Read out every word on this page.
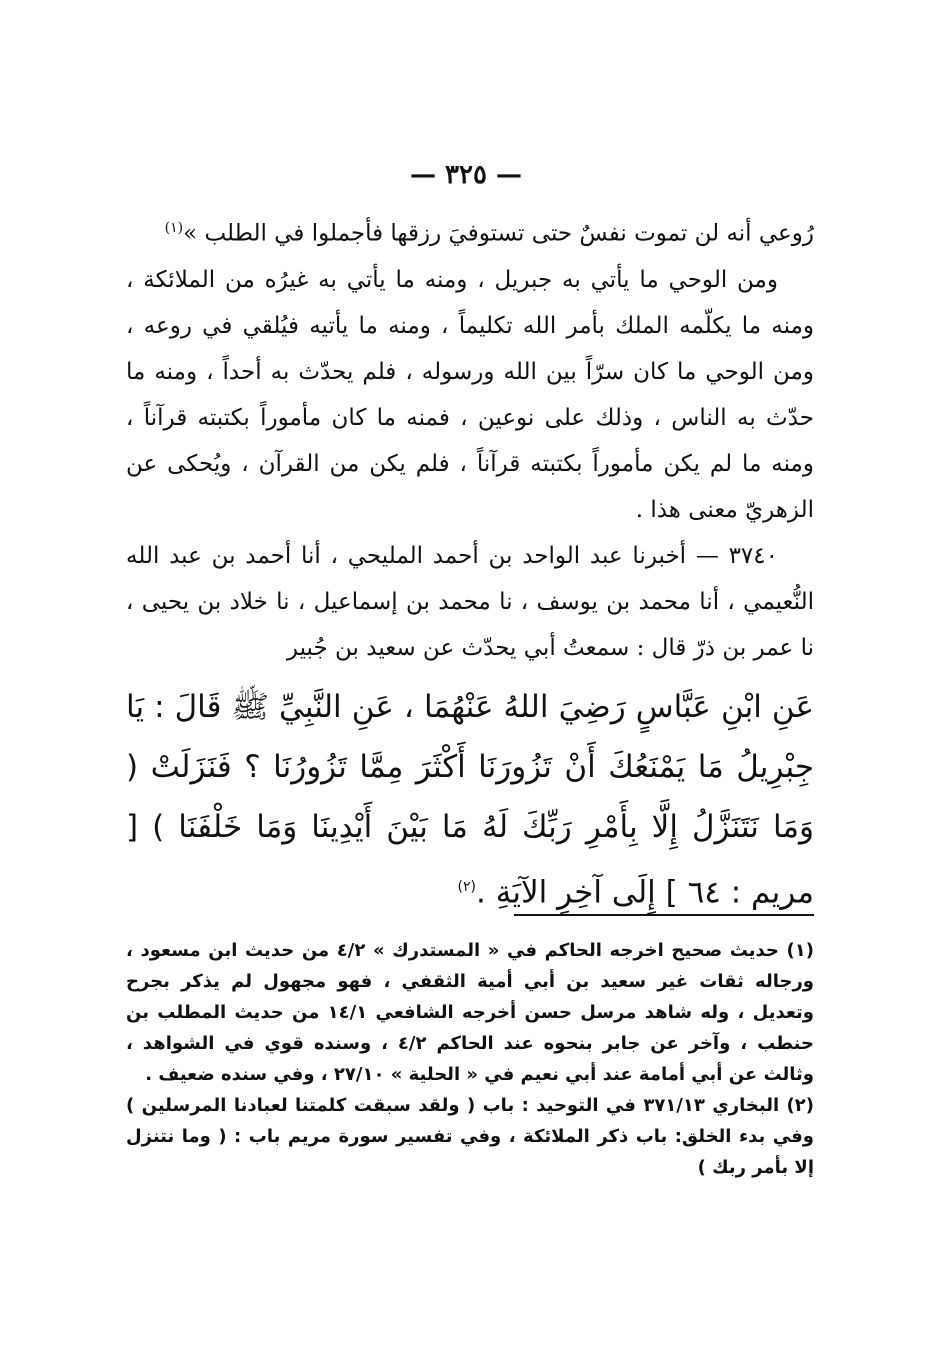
— ٣٢٥ —

رُوعي أنه لن تموت نفسٌ حتى تستوفيَ رزقها فأجملوا في الطلب »$^{(١)}$

ومن الوحي ما يأتي به جبريل ، ومنه ما يأتي به غيرُه من الملائكة ، ومنه ما يكلّمه الملك بأمر الله تكليماً ، ومنه ما يأتيه فيُلقي في روعه ، ومن الوحي ما كان سرّاً بين الله ورسوله ، فلم يحدّث به أحداً ، ومنه ما حدّث به الناس ، وذلك على نوعين ، فمنه ما كان مأموراً بكتبته قرآناً ، ومنه ما لم يكن مأموراً بكتبته قرآناً ، فلم يكن من القرآن ، ويُحكى عن الزهريّ معنى هذا .

٣٧٤٠ — أخبرنا عبد الواحد بن أحمد المليحي ، أنا أحمد بن عبد الله النُّعيمي ، أنا محمد بن يوسف ، نا محمد بن إسماعيل ، نا خلاد بن يحيى ، نا عمر بن ذرّ قال : سمعتُ أبي يحدّث عن سعيد بن جُبير

عَنِ ابْنِ عَبَّاسٍ رَضِيَ اللهُ عَنْهُمَا ، عَنِ النَّبِيِّ ﷺ قَالَ : يَا جِبْرِيلُ مَا يَمْنَعُكَ أَنْ تَزُورَنَا أَكْثَرَ مِمَّا تَزُورُنَا ؟ فَنَزَلَتْ ( وَمَا نَتَنَزَّلُ إِلَّا بِأَمْرِ رَبِّكَ لَهُ مَا بَيْنَ أَيْدِينَا وَمَا خَلْفَنَا ) [ مريم : ٦٤ ] إِلَى آخِرِ الآيَةِ .$^{(٢)}$

(١) حديث صحيح اخرجه الحاكم في « المستدرك » ٤/٢ من حديث ابن مسعود ، ورجاله ثقات غير سعيد بن أبي أمية الثقفي ، فهو مجهول لم يذكر بجرح وتعديل ، وله شاهد مرسل حسن أخرجه الشافعي ١٤/١ من حديث المطلب بن حنطب ، وآخر عن جابر بنحوه عند الحاكم ٤/٢ ، وسنده قوي في الشواهد ، وثالث عن أبي أمامة عند أبي نعيم في « الحلية » ٢٧/١٠ ، وفي سنده ضعيف .

(٢) البخاري ٣٧١/١٣ في التوحيد : باب ( ولقد سبقت كلمتنا لعبادنا المرسلين ) وفي بدء الخلق: باب ذكر الملائكة ، وفي تفسير سورة مريم باب : ( وما نتنزل إلا بأمر ربك )
